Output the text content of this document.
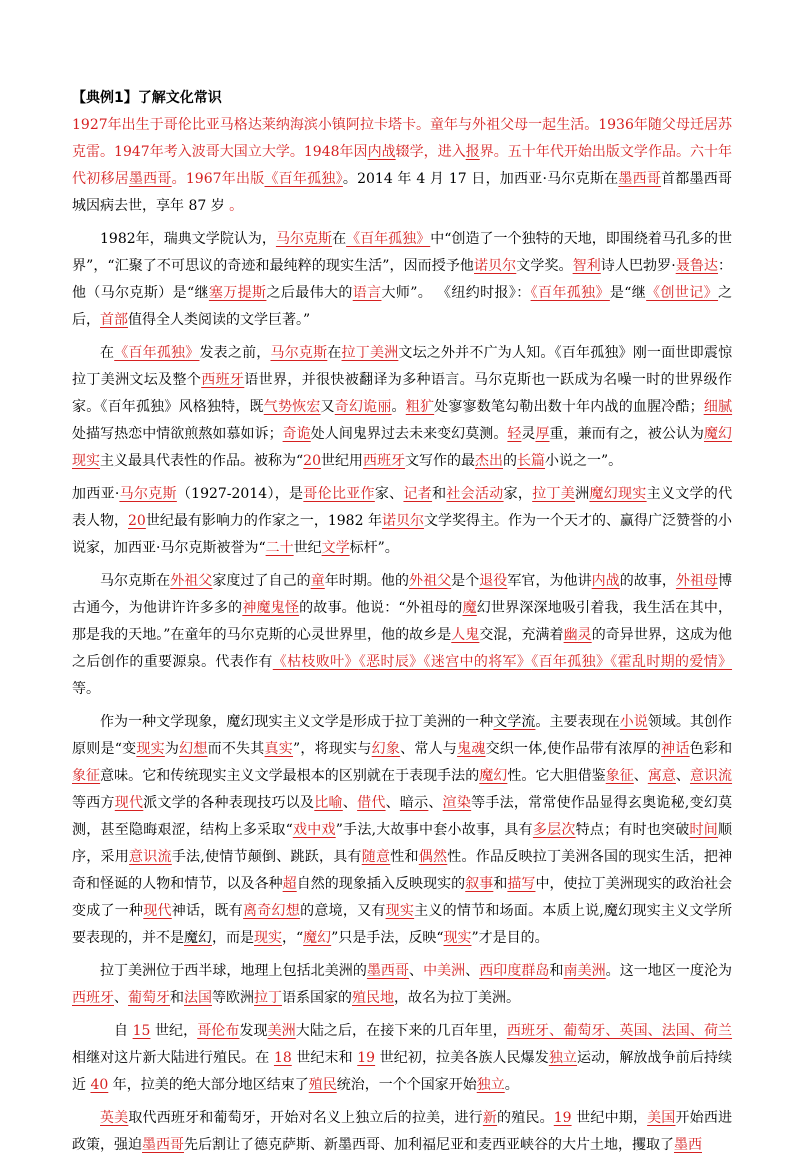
【典例1】了解文化常识

1927年出生于哥伦比亚马格达莱纳海滨小镇阿拉卡塔卡。童年与外祖父母一起生活。1936年随父母迁居苏克雷。1947年考入波哥大国立大学。1948年因内战辍学，进入报界。五十年代开始出版文学作品。六十年代初移居墨西哥。1967年出版《百年孤独》。2014 年 4 月 17 日，加西亚·马尔克斯在墨西哥首都墨西哥城因病去世，享年 87 岁 。

1982年，瑞典文学院认为，马尔克斯在《百年孤独》中“创造了一个独特的天地，即围绕着马孔多的世界”，“汇聚了不可思议的奇迹和最纯粹的现实生活”，因而授予他诺贝尔文学奖。智利诗人巴勃罗·聂鲁达：他（马尔克斯）是“继塞万提斯之后最伟大的语言大师”。 《纽约时报》：《百年孤独》是“继《创世记》之后，首部值得全人类阅读的文学巨著。”

在《百年孤独》发表之前，马尔克斯在拉丁美洲文坛之外并不广为人知。《百年孤独》刚一面世即震惊拉丁美洲文坛及整个西班牙语世界，并很快被翻译为多种语言。马尔克斯也一跃成为名噪一时的世界级作家。《百年孤独》风格独特，既气势恢宏又奇幻诡丽。粗犷处寥寥数笔勾勒出数十年内战的血腥冷酷；细腻处描写热恋中情欲煎熬如慕如诉；奇诡处人间鬼界过去未来变幻莫测。轻灵厚重，兼而有之，被公认为魔幻现实主义最具代表性的作品。被称为“20世纪用西班牙文写作的最杰出的长篇小说之一”。

加西亚·马尔克斯（1927-2014），是哥伦比亚作家、记者和社会活动家，拉丁美洲魔幻现实主义文学的代表人物，20世纪最有影响力的作家之一，1982 年诺贝尔文学奖得主。作为一个天才的、赢得广泛赞誉的小说家，加西亚·马尔克斯被誉为“二十世纪文学标杆”。

马尔克斯在外祖父家度过了自己的童年时期。他的外祖父是个退役军官，为他讲内战的故事，外祖母博古通今，为他讲许许多多的神魔鬼怪的故事。他说：“外祖母的魔幻世界深深地吸引着我，我生活在其中，那是我的天地。”在童年的马尔克斯的心灵世界里，他的故乡是人鬼交混，充满着幽灵的奇异世界，这成为他之后创作的重要源泉。代表作有《枯枝败叶》《恶时辰》《迷宫中的将军》《百年孤独》《霍乱时期的爱情》等。

作为一种文学现象，魔幻现实主义文学是形成于拉丁美洲的一种文学流。主要表现在小说领域。其创作原则是“变现实为幻想而不失其真实”，将现实与幻象、常人与鬼魂交织一体,使作品带有浓厚的神话色彩和象征意味。它和传统现实主义文学最根本的区别就在于表现手法的魔幻性。它大胆借鉴象征、寓意、意识流等西方现代派文学的各种表现技巧以及比喻、借代、暗示、渲染等手法，常常使作品显得玄奥诡秘,变幻莫测，甚至隐晦艰涩，结构上多采取“戏中戏”手法,大故事中套小故事，具有多层次特点；有时也突破时间顺序，采用意识流手法,使情节颠倒、跳跃，具有随意性和偶然性。作品反映拉丁美洲各国的现实生活，把神奇和怪诞的人物和情节，以及各种超自然的现象插入反映现实的叙事和描写中，使拉丁美洲现实的政治社会变成了一种现代神话，既有离奇幻想的意境，又有现实主义的情节和场面。本质上说,魔幻现实主义文学所要表现的，并不是魔幻，而是现实，“魔幻”只是手法，反映“现实”才是目的。

拉丁美洲位于西半球，地理上包括北美洲的墨西哥、中美洲、西印度群岛和南美洲。这一地区一度沦为西班牙、葡萄牙和法国等欧洲拉丁语系国家的殖民地，故名为拉丁美洲。

自 15 世纪，哥伦布发现美洲大陆之后，在接下来的几百年里，西班牙、葡萄牙、英国、法国、荷兰相继对这片新大陆进行殖民。在 18 世纪末和 19 世纪初，拉美各族人民爆发独立运动，解放战争前后持续近 40 年，拉美的绝大部分地区结束了殖民统治，一个个国家开始独立。

英美取代西班牙和葡萄牙，开始对名义上独立后的拉美，进行新的殖民。19 世纪中期，美国开始西进政策，强迫墨西哥先后割让了德克萨斯、新墨西哥、加利福尼亚和麦西亚峡谷的大片土地，攫取了墨西
